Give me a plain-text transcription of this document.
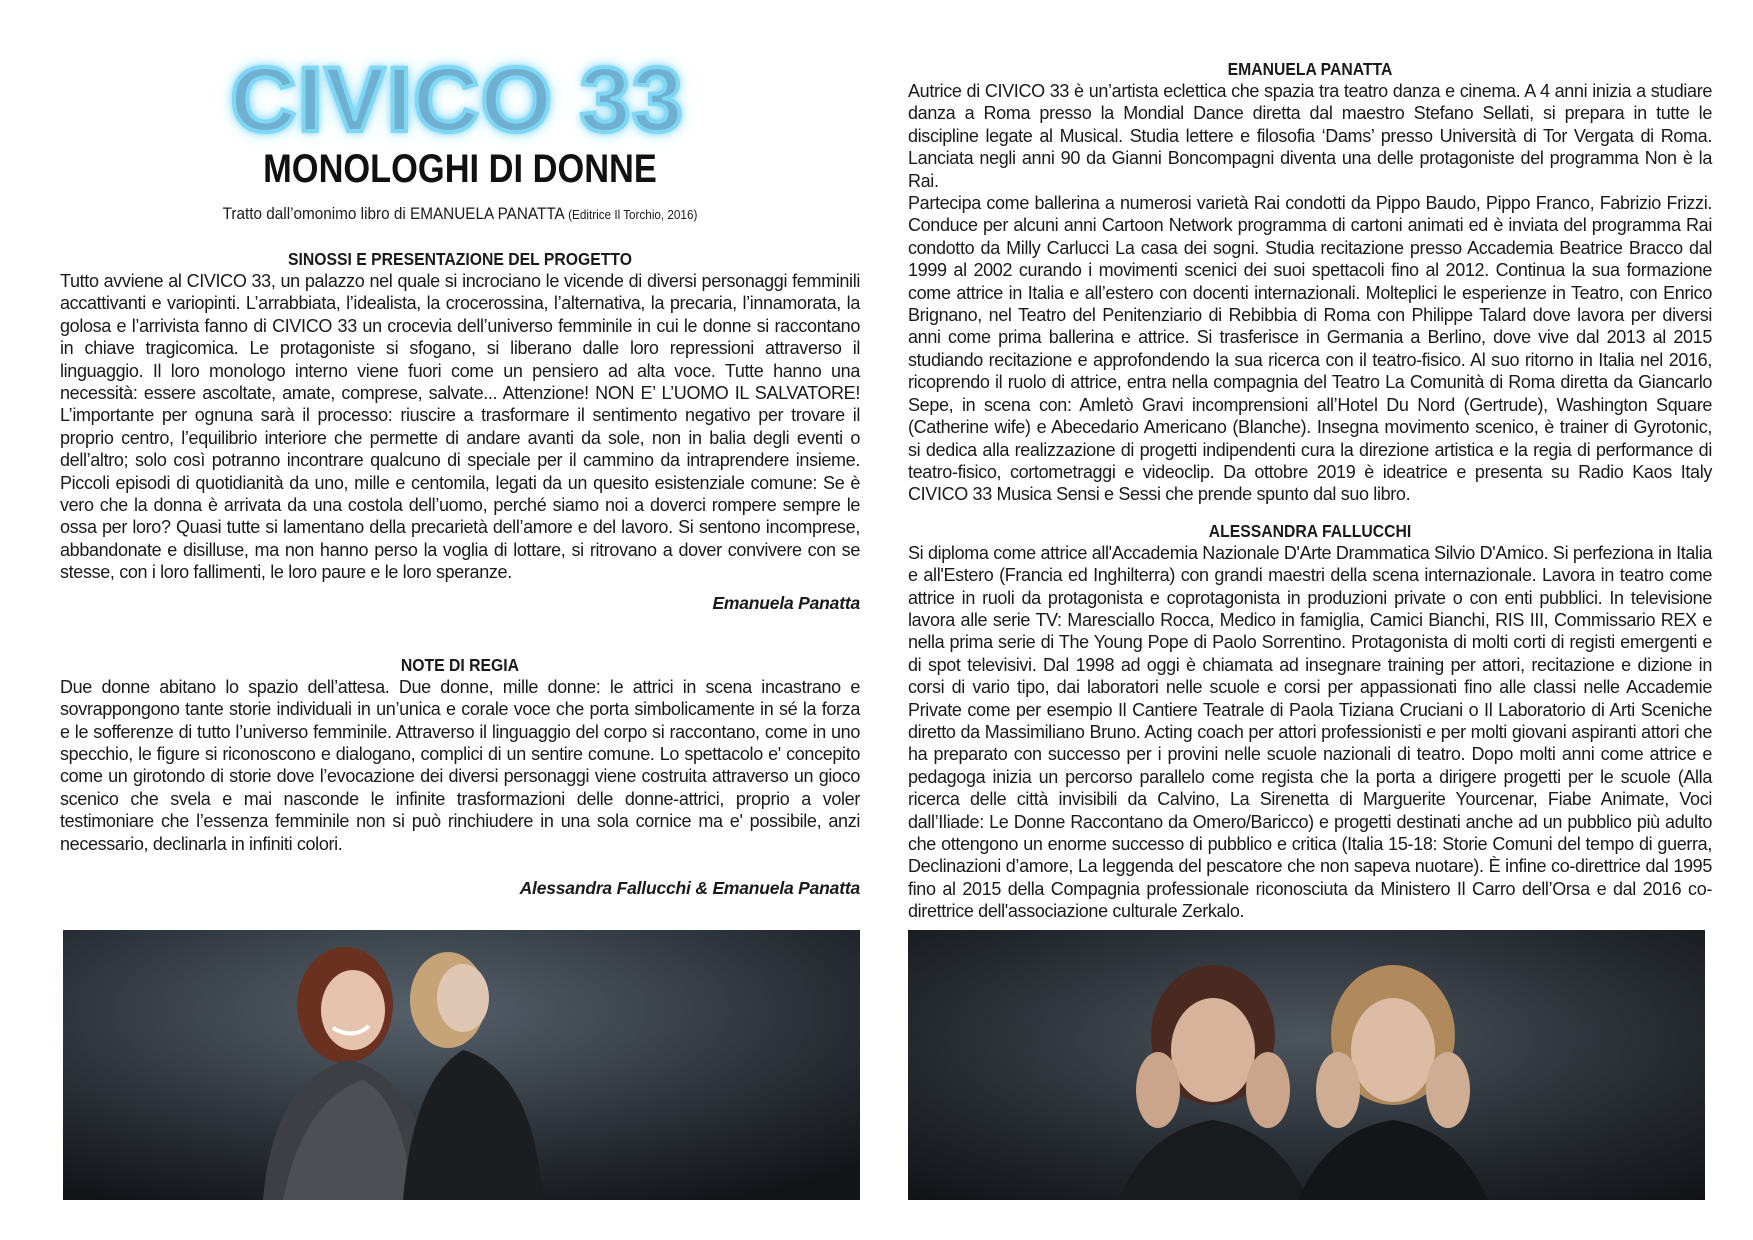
CIVICO 33
MONOLOGHI DI DONNE
Tratto dall’omonimo libro di EMANUELA PANATTA (Editrice Il Torchio, 2016)
SINOSSI E PRESENTAZIONE DEL PROGETTO

Tutto avviene al CIVICO 33, un palazzo nel quale si incrociano le vicende di diversi personaggi femminili accattivanti e variopinti. L’arrabbiata, l’idealista, la crocerossina, l’alternativa, la precaria, l’innamorata, la golosa e l’arrivista fanno di CIVICO 33 un crocevia dell’universo femminile in cui le donne si raccontano in chiave tragicomica. Le protagoniste si sfogano, si liberano dalle loro repressioni attraverso il linguaggio. Il loro monologo interno viene fuori come un pensiero ad alta voce. Tutte hanno una necessità: essere ascoltate, amate, comprese, salvate... Attenzione! NON E’ L’UOMO IL SALVATORE! L’importante per ognuna sarà il processo: riuscire a trasformare il sentimento negativo per trovare il proprio centro, l’equilibrio interiore che permette di andare avanti da sole, non in balia degli eventi o dell’altro; solo così potranno incontrare qualcuno di speciale per il cammino da intraprendere insieme. Piccoli episodi di quotidianità da uno, mille e centomila, legati da un quesito esistenziale comune: Se è vero che la donna è arrivata da una costola dell’uomo, perché siamo noi a doverci rompere sempre le ossa per loro? Quasi tutte si lamentano della precarietà dell’amore e del lavoro. Si sentono incomprese, abbandonate e disilluse, ma non hanno perso la voglia di lottare, si ritrovano a dover convivere con se stesse, con i loro fallimenti, le loro paure e le loro speranze.

Emanuela Panatta
NOTE DI REGIA

Due donne abitano lo spazio dell’attesa. Due donne, mille donne: le attrici in scena incastrano e sovrappongono tante storie individuali in un’unica e corale voce che porta simbolicamente in sé la forza e le sofferenze di tutto l’universo femminile. Attraverso il linguaggio del corpo si raccontano, come in uno specchio, le figure si riconoscono e dialogano, complici di un sentire comune. Lo spettacolo e' concepito come un girotondo di storie dove l’evocazione dei diversi personaggi viene costruita attraverso un gioco scenico che svela e mai nasconde le infinite trasformazioni delle donne-attrici, proprio a voler testimoniare che l’essenza femminile non si può rinchiudere in una sola cornice ma e' possibile, anzi necessario, declinarla in infiniti colori.

Alessandra Fallucchi & Emanuela Panatta
EMANUELA PANATTA

Autrice di CIVICO 33 è un’artista eclettica che spazia tra teatro danza e cinema. A 4 anni inizia a studiare danza a Roma presso la Mondial Dance diretta dal maestro Stefano Sellati, si prepara in tutte le discipline legate al Musical. Studia lettere e filosofia ‘Dams’ presso Università di Tor Vergata di Roma. Lanciata negli anni 90 da Gianni Boncompagni diventa una delle protagoniste del programma Non è la Rai.

Partecipa come ballerina a numerosi varietà Rai condotti da Pippo Baudo, Pippo Franco, Fabrizio Frizzi. Conduce per alcuni anni Cartoon Network programma di cartoni animati ed è inviata del programma Rai condotto da Milly Carlucci La casa dei sogni. Studia recitazione presso Accademia Beatrice Bracco dal 1999 al 2002 curando i movimenti scenici dei suoi spettacoli fino al 2012. Continua la sua formazione come attrice in Italia e all’estero con docenti internazionali. Molteplici le esperienze in Teatro, con Enrico Brignano, nel Teatro del Penitenziario di Rebibbia di Roma con Philippe Talard dove lavora per diversi anni come prima ballerina e attrice. Si trasferisce in Germania a Berlino, dove vive dal 2013 al 2015 studiando recitazione e approfondendo la sua ricerca con il teatro-fisico. Al suo ritorno in Italia nel 2016, ricoprendo il ruolo di attrice, entra nella compagnia del Teatro La Comunità di Roma diretta da Giancarlo Sepe, in scena con: Amletò Gravi incomprensioni all’Hotel Du Nord (Gertrude), Washington Square (Catherine wife) e Abecedario Americano (Blanche). Insegna movimento scenico, è trainer di Gyrotonic, si dedica alla realizzazione di progetti indipendenti cura la direzione artistica e la regia di performance di teatro-fisico, cortometraggi e videoclip. Da ottobre 2019 è ideatrice e presenta su Radio Kaos Italy CIVICO 33 Musica Sensi e Sessi che prende spunto dal suo libro.

ALESSANDRA FALLUCCHI

Si diploma come attrice all'Accademia Nazionale D'Arte Drammatica Silvio D'Amico. Si perfeziona in Italia e all'Estero (Francia ed Inghilterra) con grandi maestri della scena internazionale. Lavora in teatro come attrice in ruoli da protagonista e coprotagonista in produzioni private o con enti pubblici. In televisione lavora alle serie TV: Maresciallo Rocca, Medico in famiglia, Camici Bianchi, RIS III, Commissario REX e nella prima serie di The Young Pope di Paolo Sorrentino. Protagonista di molti corti di registi emergenti e di spot televisivi. Dal 1998 ad oggi è chiamata ad insegnare training per attori, recitazione e dizione in corsi di vario tipo, dai laboratori nelle scuole e corsi per appassionati fino alle classi nelle Accademie Private come per esempio Il Cantiere Teatrale di Paola Tiziana Cruciani o Il Laboratorio di Arti Sceniche diretto da Massimiliano Bruno. Acting coach per attori professionisti e per molti giovani aspiranti attori che ha preparato con successo per i provini nelle scuole nazionali di teatro. Dopo molti anni come attrice e pedagoga inizia un percorso parallelo come regista che la porta a dirigere progetti per le scuole (Alla ricerca delle città invisibili da Calvino, La Sirenetta di Marguerite Yourcenar, Fiabe Animate, Voci dall’Iliade: Le Donne Raccontano da Omero/Baricco) e progetti destinati anche ad un pubblico più adulto che ottengono un enorme successo di pubblico e critica (Italia 15-18: Storie Comuni del tempo di guerra, Declinazioni d’amore, La leggenda del pescatore che non sapeva nuotare). È infine co-direttrice dal 1995 fino al 2015 della Compagnia professionale riconosciuta da Ministero Il Carro dell’Orsa e dal 2016 co-direttrice dell'associazione culturale Zerkalo.
